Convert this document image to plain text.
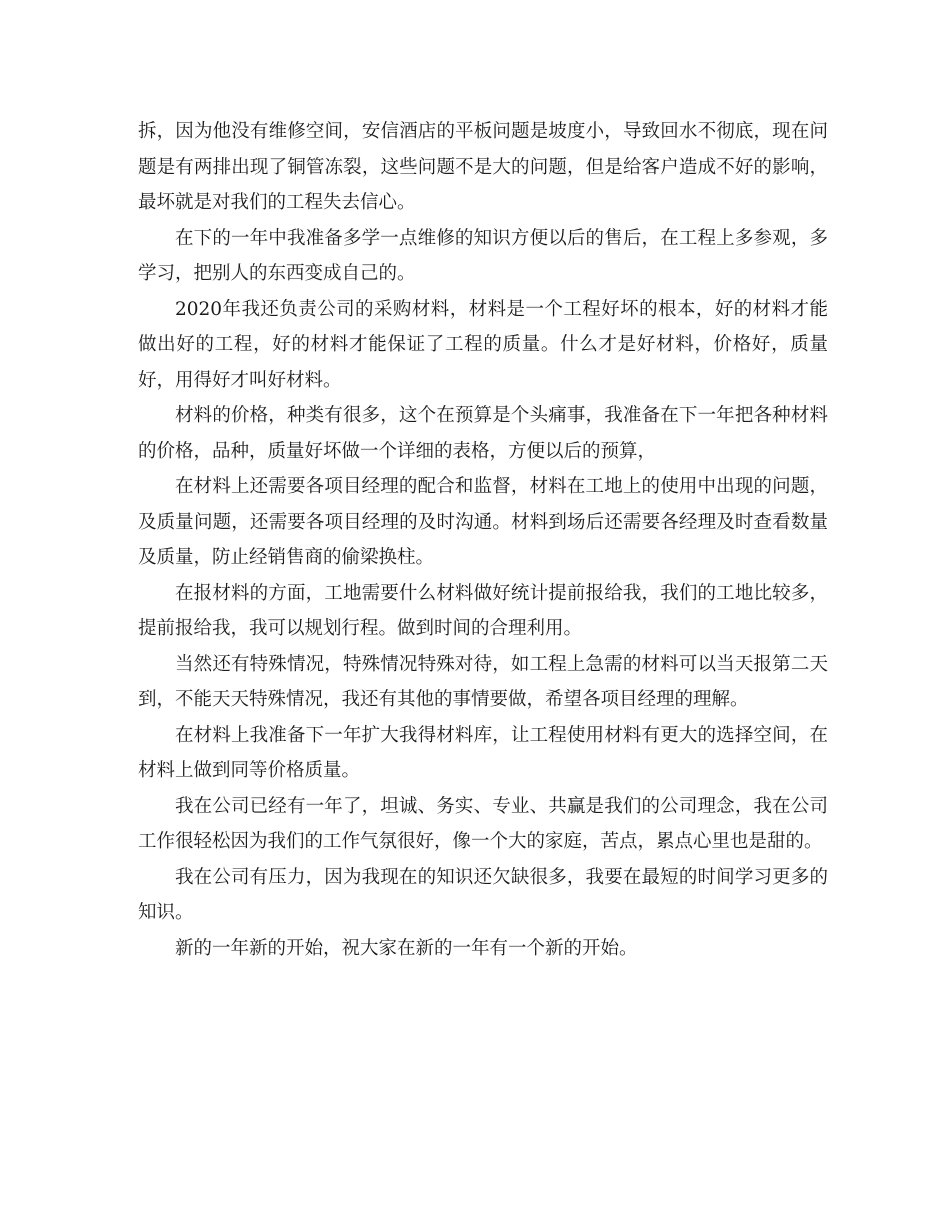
拆，因为他没有维修空间，安信酒店的平板问题是坡度小，导致回水不彻底，现在问题是有两排出现了铜管冻裂，这些问题不是大的问题，但是给客户造成不好的影响，最坏就是对我们的工程失去信心。

在下的一年中我准备多学一点维修的知识方便以后的售后，在工程上多参观，多学习，把别人的东西变成自己的。

2020年我还负责公司的采购材料，材料是一个工程好坏的根本，好的材料才能做出好的工程，好的材料才能保证了工程的质量。什么才是好材料，价格好，质量好，用得好才叫好材料。

材料的价格，种类有很多，这个在预算是个头痛事，我准备在下一年把各种材料的价格，品种，质量好坏做一个详细的表格，方便以后的预算，

在材料上还需要各项目经理的配合和监督，材料在工地上的使用中出现的问题，及质量问题，还需要各项目经理的及时沟通。材料到场后还需要各经理及时查看数量及质量，防止经销售商的偷梁换柱。

在报材料的方面，工地需要什么材料做好统计提前报给我，我们的工地比较多，提前报给我，我可以规划行程。做到时间的合理利用。

当然还有特殊情况，特殊情况特殊对待，如工程上急需的材料可以当天报第二天到，不能天天特殊情况，我还有其他的事情要做，希望各项目经理的理解。

在材料上我准备下一年扩大我得材料库，让工程使用材料有更大的选择空间，在材料上做到同等价格质量。

我在公司已经有一年了，坦诚、务实、专业、共赢是我们的公司理念，我在公司工作很轻松因为我们的工作气氛很好，像一个大的家庭，苦点，累点心里也是甜的。

我在公司有压力，因为我现在的知识还欠缺很多，我要在最短的时间学习更多的知识。

新的一年新的开始，祝大家在新的一年有一个新的开始。
